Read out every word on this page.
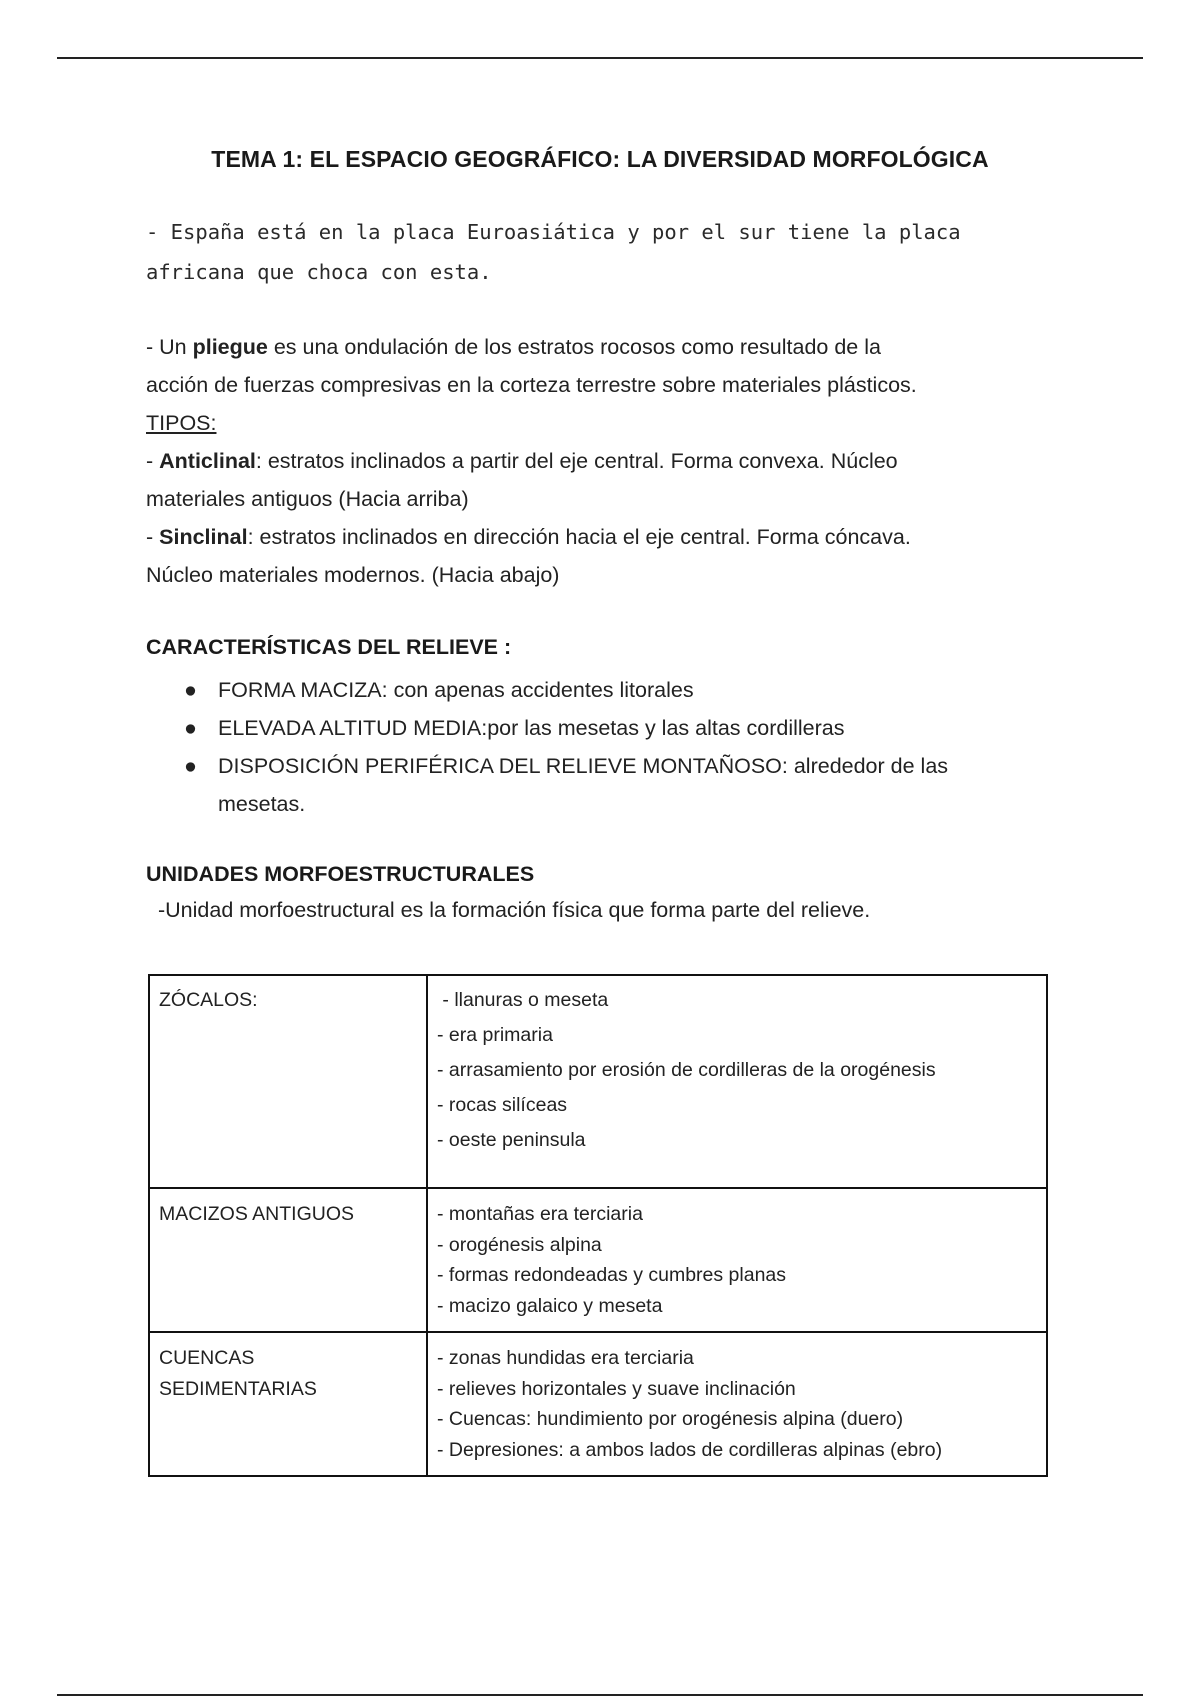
TEMA 1: EL ESPACIO GEOGRÁFICO: LA DIVERSIDAD MORFOLÓGICA
- España está en la placa Euroasiática y por el sur tiene la placa
africana que choca con esta.
- Un pliegue es una ondulación de los estratos rocosos como resultado de la
acción de fuerzas compresivas en la corteza terrestre sobre materiales plásticos.
TIPOS:
- Anticlinal: estratos inclinados a partir del eje central. Forma convexa. Núcleo
materiales antiguos (Hacia arriba)
- Sinclinal: estratos inclinados en dirección hacia el eje central. Forma cóncava.
Núcleo materiales modernos. (Hacia abajo)
CARACTERÍSTICAS DEL RELIEVE :
● FORMA MACIZA: con apenas accidentes litorales
● ELEVADA ALTITUD MEDIA:por las mesetas y las altas cordilleras
● DISPOSICIÓN PERIFÉRICA DEL RELIEVE MONTAÑOSO: alrededor de las
mesetas.
UNIDADES MORFOESTRUCTURALES
-Unidad morfoestructural es la formación física que forma parte del relieve.
ZÓCALOS:	- llanuras o meseta
- era primaria
- arrasamiento por erosión de cordilleras de la orogénesis
- rocas silíceas
- oeste peninsula

MACIZOS ANTIGUOS	- montañas era terciaria
- orogénesis alpina
- formas redondeadas y cumbres planas
- macizo galaico y meseta

CUENCAS
SEDIMENTARIAS	- zonas hundidas era terciaria
- relieves horizontales y suave inclinación
- Cuencas: hundimiento por orogénesis alpina (duero)
- Depresiones: a ambos lados de cordilleras alpinas (ebro)
